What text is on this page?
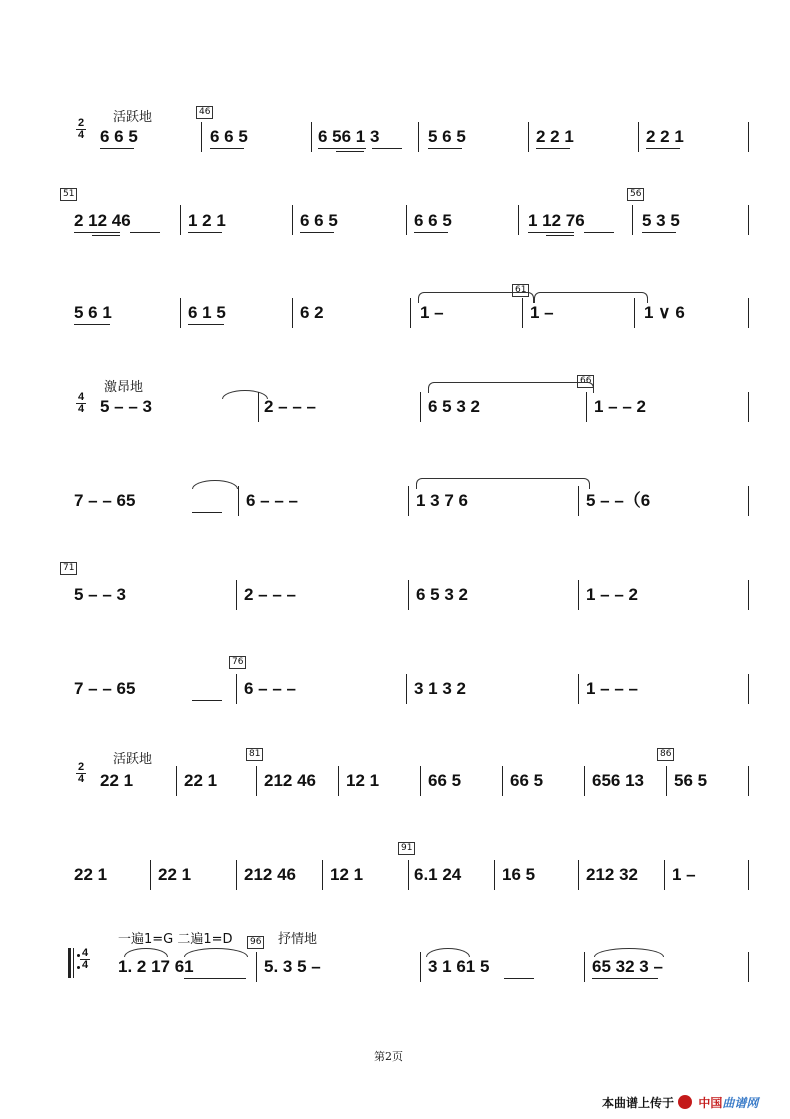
活跃地
2
4
46
6 6 5	6 6 5	6 56 1 3	5 6 5	2 2 1	2 2 1
51	56
2 12 46	1 2 1	6 6 5	6 6 5	1 12 76	5 3 5
61
5 6 1	6 1 5	6 2	1 –	1 –	1 ∨ 6
激昂地
4
4
66
5 – – 3	2 – – –	6 5 3 2	1 – – 2
7 – – 65	6 – – –	1 3 7 6	5 – –（6
71
5 – – 3	2 – – –	6 5 3 2	1 – – 2
76
7 – – 65	6 – – –	3 1 3 2	1 – – –
活跃地
2
4
81	86
22 1	22 1	212 46 12 1	66 5	66 5	656 13 56 5
91
22 1	22 1	212 46 12 1	6.1 24 16 5	212 32 1 –
一遍1=G 二遍1=D	96 抒情地
4
4 1. 2 17 61	5. 3 5 –	3 1 61 5	65 32 3 –
第2页
本曲谱上传于 中国曲谱网
